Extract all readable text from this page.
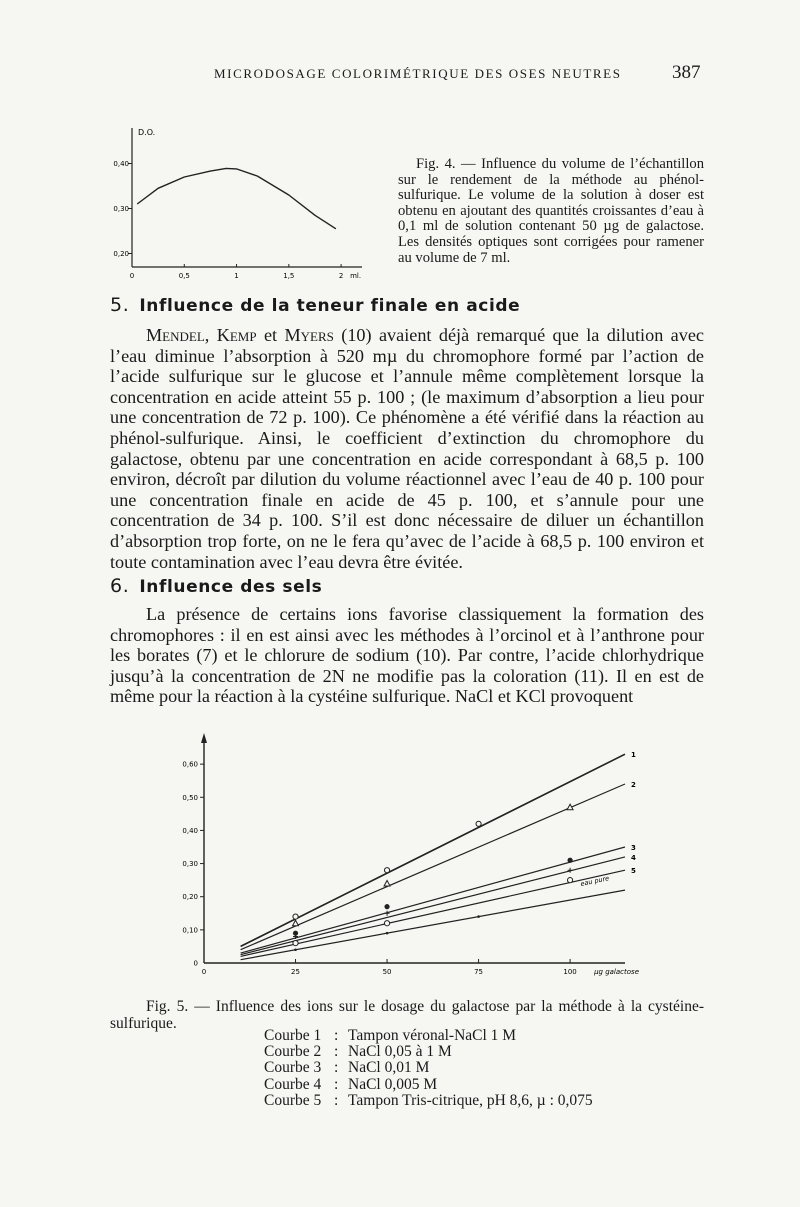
MICRODOSAGE COLORIMÉTRIQUE DES OSES NEUTRES	387
D.O.
0,20
0,30
0,40
0	0,5	1	1,5	2 ml.
Fig. 4. — Influence du volume de l’échantillon sur le rendement de la méthode au phénol-sulfurique. Le volume de la solution à doser est obtenu en ajoutant des quantités croissantes d’eau à 0,1 ml de solution contenant 50 µg de galactose. Les densités optiques sont corrigées pour ramener au volume de 7 ml.
5. Influence de la teneur finale en acide

Mendel, Kemp et Myers (10) avaient déjà remarqué que la dilution avec l’eau diminue l’absorption à 520 mµ du chromophore formé par l’action de l’acide sulfurique sur le glucose et l’annule même complètement lorsque la concentration en acide atteint 55 p. 100 ; (le maximum d’absorption a lieu pour une concentration de 72 p. 100). Ce phénomène a été vérifié dans la réaction au phénol-sulfurique. Ainsi, le coefficient d’extinction du chromophore du galactose, obtenu par une concentration en acide correspondant à 68,5 p. 100 environ, décroît par dilution du volume réactionnel avec l’eau de 40 p. 100 pour une concentration finale en acide de 45 p. 100, et s’annule pour une concentration de 34 p. 100. S’il est donc nécessaire de diluer un échantillon d’absorption trop forte, on ne le fera qu’avec de l’acide à 68,5 p. 100 environ et toute contamination avec l’eau devra être évitée.

6. Influence des sels

La présence de certains ions favorise classiquement la formation des chromophores : il en est ainsi avec les méthodes à l’orcinol et à l’anthrone pour les borates (7) et le chlorure de sodium (10). Par contre, l’acide chlorhydrique jusqu’à la concentration de 2N ne modifie pas la coloration (11). Il en est de même pour la réaction à la cystéine sulfurique. NaCl et KCl provoquent

0
0,10
0,20
0,30
0,40
0,50
0,60
0	25	50	75	100 µg galactose
1
2
3
4
5
eau pure
Fig. 5. — Influence des ions sur le dosage du galactose par la méthode à la cystéine-sulfurique.
Courbe 1 : Tampon véronal-NaCl 1 M
Courbe 2 : NaCl 0,05 à 1 M
Courbe 3 : NaCl 0,01 M
Courbe 4 : NaCl 0,005 M
Courbe 5 : Tampon Tris-citrique, pH 8,6, µ : 0,075
